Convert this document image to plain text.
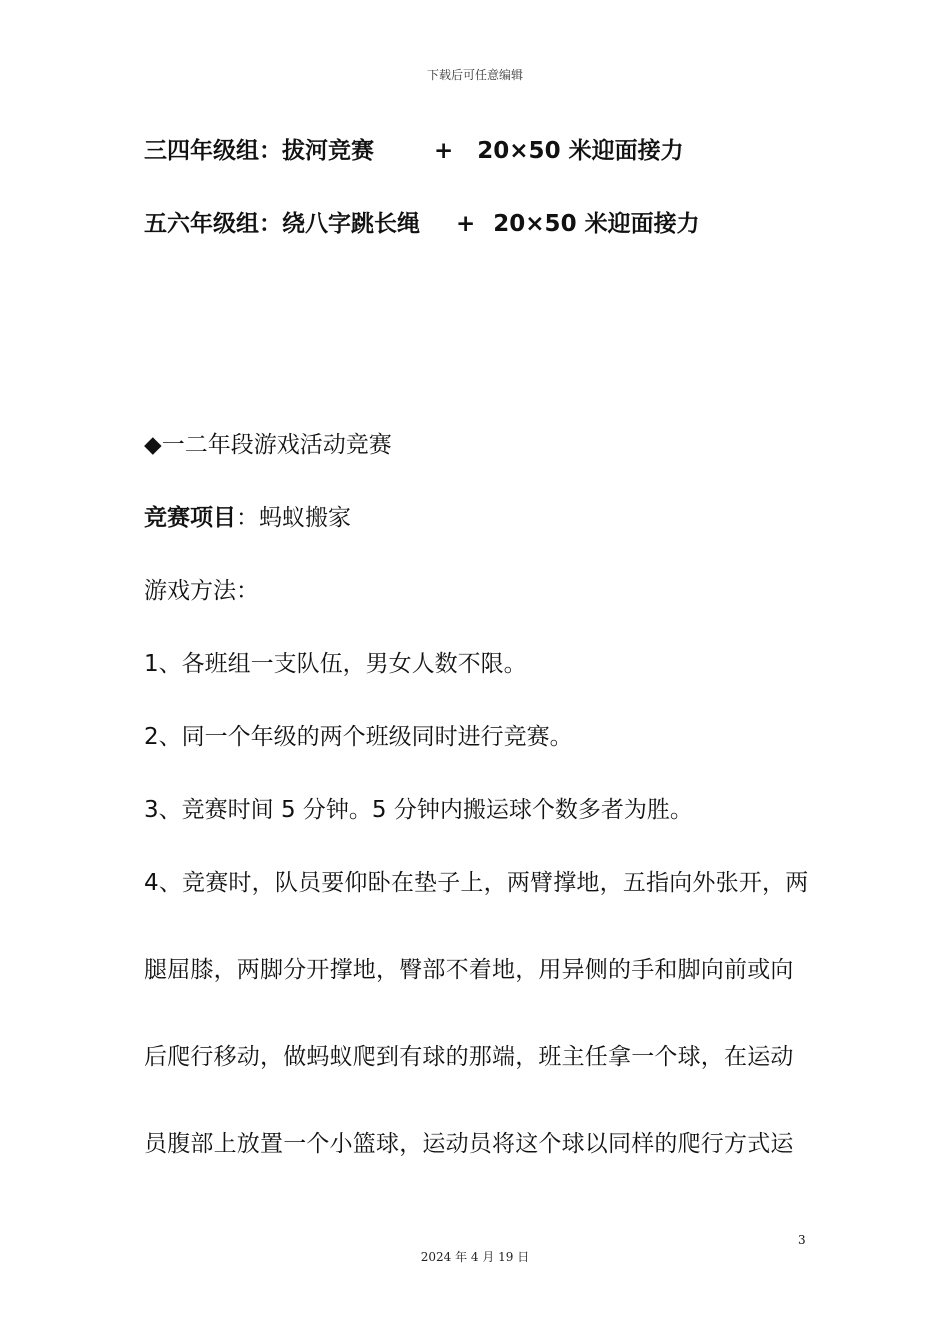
下载后可任意编辑
三四年级组：拔河竞赛	+ 20×50 米迎面接力
五六年级组：绕八字跳长绳 + 20×50 米迎面接力
◆一二年段游戏活动竞赛
竞赛项目：蚂蚁搬家
游戏方法：
1、各班组一支队伍，男女人数不限。
2、同一个年级的两个班级同时进行竞赛。
3、竞赛时间 5 分钟。5 分钟内搬运球个数多者为胜。
4、竞赛时，队员要仰卧在垫子上，两臂撑地，五指向外张开，两
腿屈膝，两脚分开撑地，臀部不着地，用异侧的手和脚向前或向
后爬行移动，做蚂蚁爬到有球的那端，班主任拿一个球，在运动
员腹部上放置一个小篮球，运动员将这个球以同样的爬行方式运
3
2024 年 4 月 19 日
